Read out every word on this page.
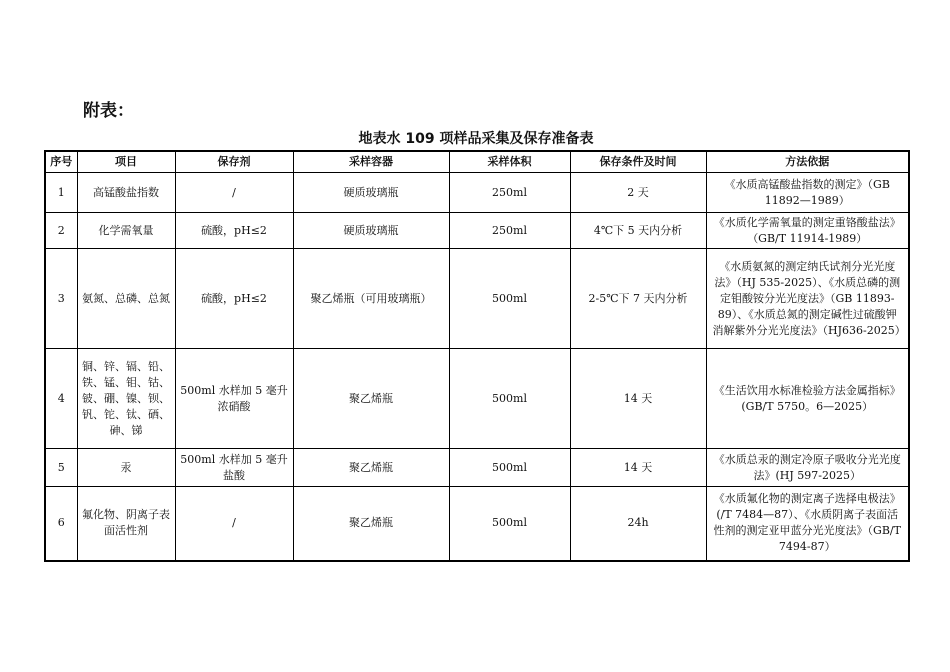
附表：
地表水 109 项样品采集及保存准备表
序号	项目	保存剂	采样容器	采样体积	保存条件及时间	方法依据
1	高锰酸盐指数	/	硬质玻璃瓶	250ml	2 天	《水质高锰酸盐指数的测定》（GB 11892—1989）
2	化学需氧量	硫酸，pH≤2	硬质玻璃瓶	250ml	4℃下 5 天内分析	《水质化学需氧量的测定重铬酸盐法》（GB/T 11914-1989）
3	氨氮、总磷、总氮	硫酸，pH≤2	聚乙烯瓶（可用玻璃瓶）	500ml	2-5℃下 7 天内分析	《水质氨氮的测定纳氏试剂分光光度法》（HJ 535-2025）、《水质总磷的测定钼酸铵分光光度法》（GB 11893-89）、《水质总氮的测定碱性过硫酸钾消解紫外分光光度法》（HJ636-2025）
4	铜、锌、镉、铅、铁、锰、钼、钴、铍、硼、镍、钡、钒、铊、钛、硒、砷、锑	500ml 水样加 5 毫升浓硝酸	聚乙烯瓶	500ml	14 天	《生活饮用水标准检验方法金属指标》(GB/T 5750。6—2025）
5	汞	500ml 水样加 5 毫升盐酸	聚乙烯瓶	500ml	14 天	《水质总汞的测定冷原子吸收分光光度法》(HJ 597-2025）
6	氟化物、阴离子表面活性剂	/	聚乙烯瓶	500ml	24h	《水质氟化物的测定离子选择电极法》(/T 7484—87）、《水质阴离子表面活性剂的测定亚甲蓝分光光度法》（GB/T 7494-87）
